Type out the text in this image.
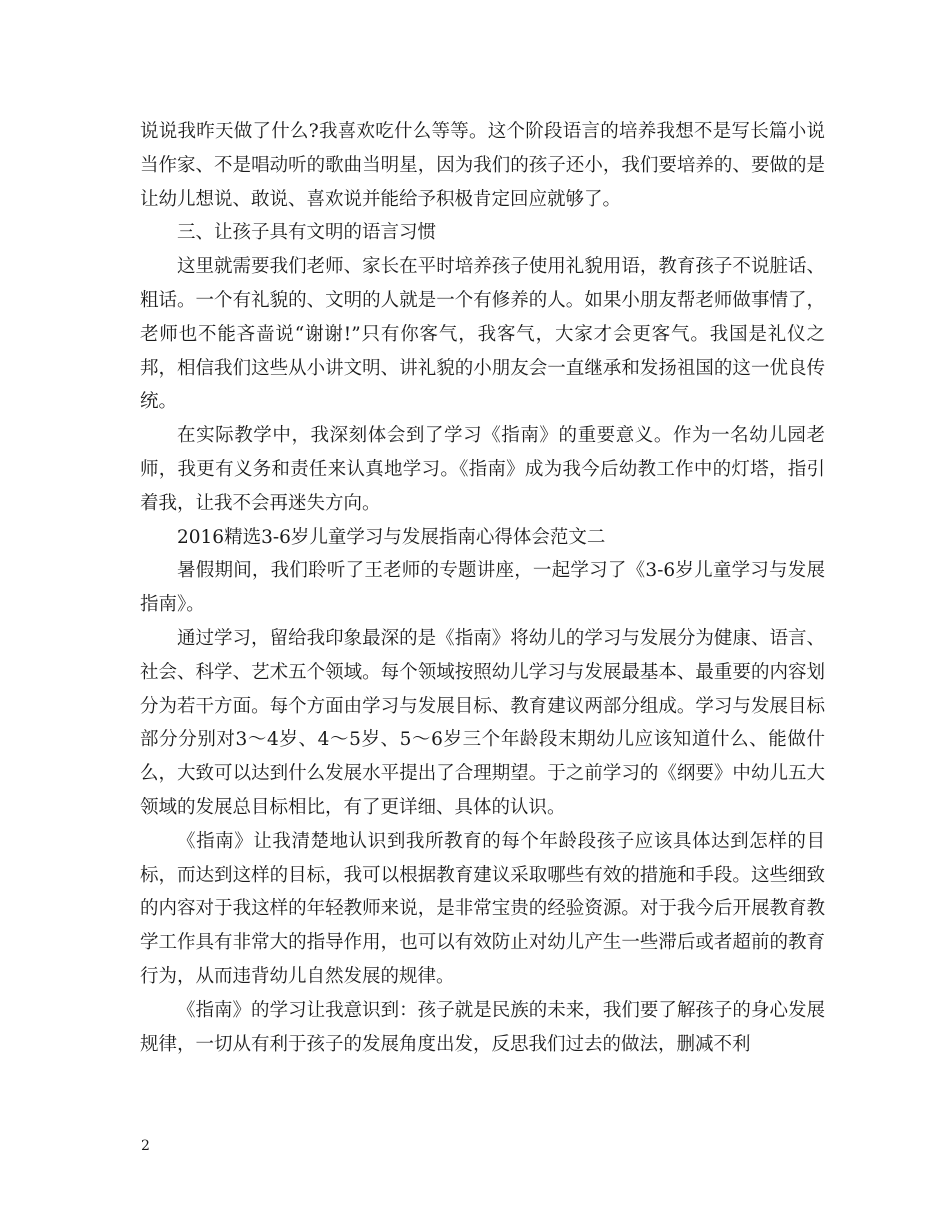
说说我昨天做了什么?我喜欢吃什么等等。这个阶段语言的培养我想不是写长篇小说当作家、不是唱动听的歌曲当明星，因为我们的孩子还小，我们要培养的、要做的是让幼儿想说、敢说、喜欢说并能给予积极肯定回应就够了。

三、让孩子具有文明的语言习惯

这里就需要我们老师、家长在平时培养孩子使用礼貌用语，教育孩子不说脏话、粗话。一个有礼貌的、文明的人就是一个有修养的人。如果小朋友帮老师做事情了，老师也不能吝啬说“谢谢!”只有你客气，我客气，大家才会更客气。我国是礼仪之邦，相信我们这些从小讲文明、讲礼貌的小朋友会一直继承和发扬祖国的这一优良传统。

在实际教学中，我深刻体会到了学习《指南》的重要意义。作为一名幼儿园老师，我更有义务和责任来认真地学习。《指南》成为我今后幼教工作中的灯塔，指引着我，让我不会再迷失方向。

2016精选3-6岁儿童学习与发展指南心得体会范文二

暑假期间，我们聆听了王老师的专题讲座，一起学习了《3-6岁儿童学习与发展指南》。

通过学习，留给我印象最深的是《指南》将幼儿的学习与发展分为健康、语言、社会、科学、艺术五个领域。每个领域按照幼儿学习与发展最基本、最重要的内容划分为若干方面。每个方面由学习与发展目标、教育建议两部分组成。学习与发展目标部分分别对3～4岁、4～5岁、5～6岁三个年龄段末期幼儿应该知道什么、能做什么，大致可以达到什么发展水平提出了合理期望。于之前学习的《纲要》中幼儿五大领域的发展总目标相比，有了更详细、具体的认识。

《指南》让我清楚地认识到我所教育的每个年龄段孩子应该具体达到怎样的目标，而达到这样的目标，我可以根据教育建议采取哪些有效的措施和手段。这些细致的内容对于我这样的年轻教师来说，是非常宝贵的经验资源。对于我今后开展教育教学工作具有非常大的指导作用，也可以有效防止对幼儿产生一些滞后或者超前的教育行为，从而违背幼儿自然发展的规律。

《指南》的学习让我意识到：孩子就是民族的未来，我们要了解孩子的身心发展规律，一切从有利于孩子的发展角度出发，反思我们过去的做法，删减不利

2
